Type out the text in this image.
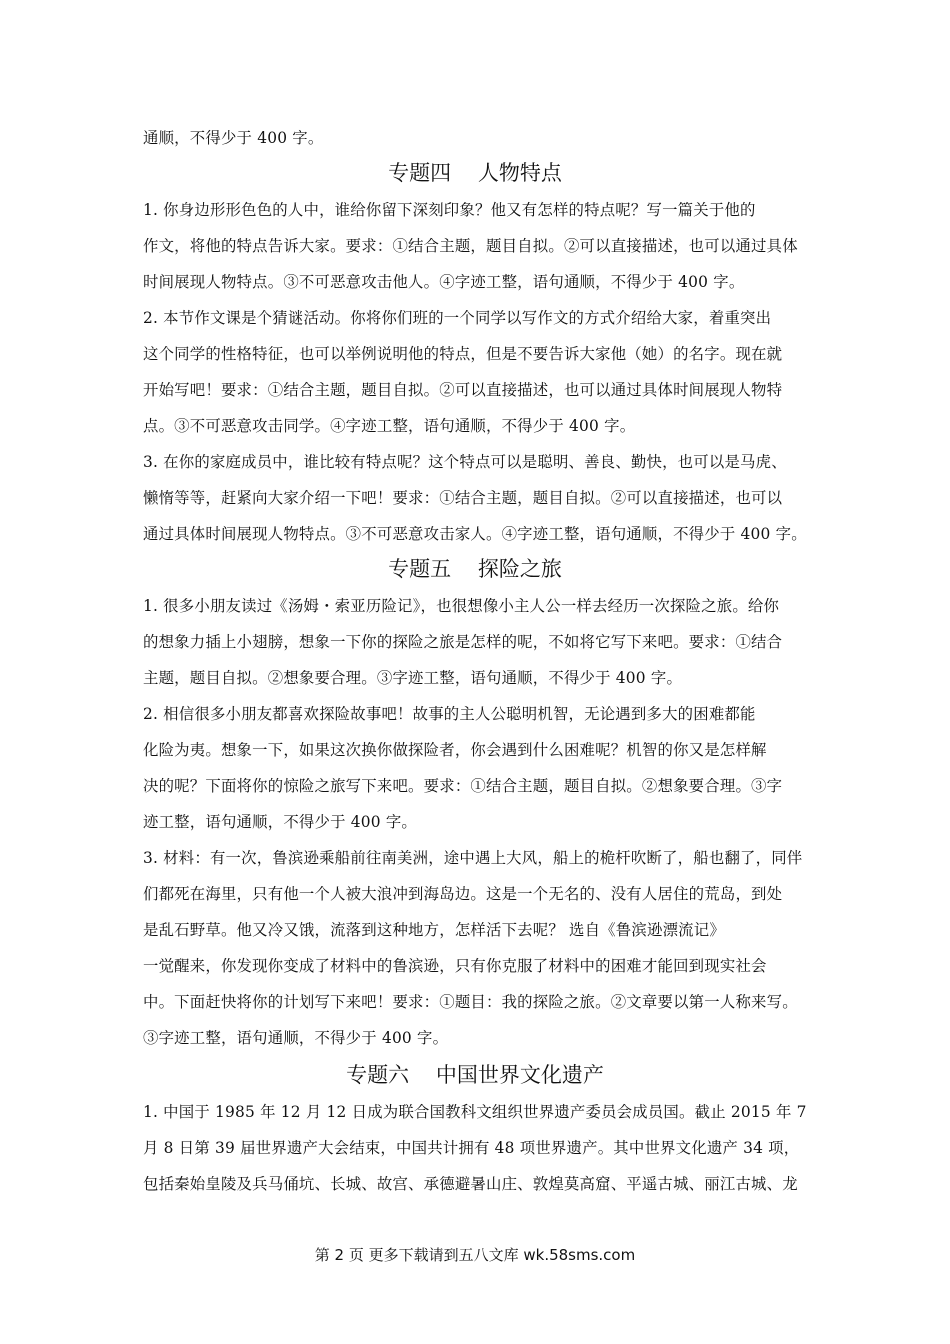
通顺，不得少于 400 字。
专题四    人物特点
1. 你身边形形色色的人中，谁给你留下深刻印象？他又有怎样的特点呢？写一篇关于他的
作文，将他的特点告诉大家。要求：①结合主题，题目自拟。②可以直接描述，也可以通过具体
时间展现人物特点。③不可恶意攻击他人。④字迹工整，语句通顺，不得少于 400 字。
2. 本节作文课是个猜谜活动。你将你们班的一个同学以写作文的方式介绍给大家，着重突出
这个同学的性格特征，也可以举例说明他的特点，但是不要告诉大家他（她）的名字。现在就
开始写吧！要求：①结合主题，题目自拟。②可以直接描述，也可以通过具体时间展现人物特
点。③不可恶意攻击同学。④字迹工整，语句通顺，不得少于 400 字。
3. 在你的家庭成员中，谁比较有特点呢？这个特点可以是聪明、善良、勤快，也可以是马虎、
懒惰等等，赶紧向大家介绍一下吧！要求：①结合主题，题目自拟。②可以直接描述，也可以
通过具体时间展现人物特点。③不可恶意攻击家人。④字迹工整，语句通顺，不得少于 400 字。
专题五    探险之旅
1. 很多小朋友读过《汤姆・索亚历险记》，也很想像小主人公一样去经历一次探险之旅。给你
的想象力插上小翅膀，想象一下你的探险之旅是怎样的呢，不如将它写下来吧。要求：①结合
主题，题目自拟。②想象要合理。③字迹工整，语句通顺，不得少于 400 字。
2. 相信很多小朋友都喜欢探险故事吧！故事的主人公聪明机智，无论遇到多大的困难都能
化险为夷。想象一下，如果这次换你做探险者，你会遇到什么困难呢？机智的你又是怎样解
决的呢？下面将你的惊险之旅写下来吧。要求：①结合主题，题目自拟。②想象要合理。③字
迹工整，语句通顺，不得少于 400 字。
3. 材料：有一次，鲁滨逊乘船前往南美洲，途中遇上大风，船上的桅杆吹断了，船也翻了，同伴
们都死在海里，只有他一个人被大浪冲到海岛边。这是一个无名的、没有人居住的荒岛，到处
是乱石野草。他又冷又饿，流落到这种地方，怎样活下去呢？ 选自《鲁滨逊漂流记》
一觉醒来，你发现你变成了材料中的鲁滨逊，只有你克服了材料中的困难才能回到现实社会
中。下面赶快将你的计划写下来吧！要求：①题目：我的探险之旅。②文章要以第一人称来写。
③字迹工整，语句通顺，不得少于 400 字。
专题六    中国世界文化遗产
1. 中国于 1985 年 12 月 12 日成为联合国教科文组织世界遗产委员会成员国。截止 2015 年 7
月 8 日第 39 届世界遗产大会结束，中国共计拥有 48 项世界遗产。其中世界文化遗产 34 项，
包括秦始皇陵及兵马俑坑、长城、故宫、承德避暑山庄、敦煌莫高窟、平遥古城、丽江古城、龙
第 2 页 更多下载请到五八文库 wk.58sms.com
